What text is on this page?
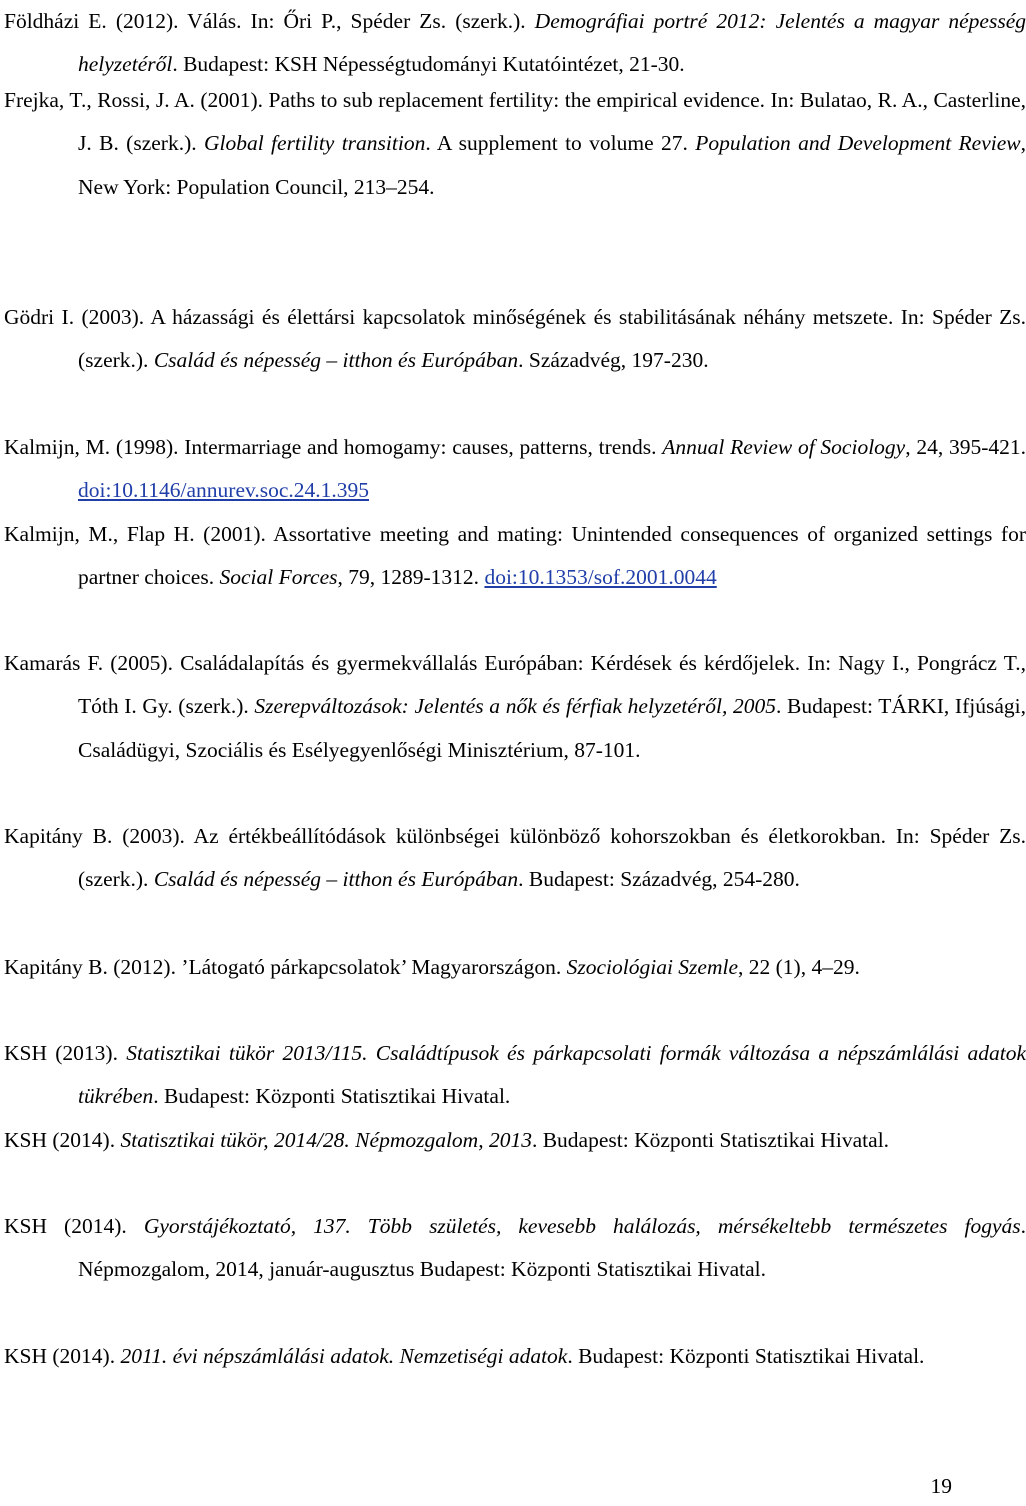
Földházi E. (2012). Válás. In: Őri P., Spéder Zs. (szerk.). Demográfiai portré 2012: Jelentés a magyar népesség helyzetéről. Budapest: KSH Népességtudományi Kutatóintézet, 21-30.
Frejka, T., Rossi, J. A. (2001). Paths to sub replacement fertility: the empirical evidence. In: Bulatao, R. A., Casterline, J. B. (szerk.). Global fertility transition. A supplement to volume 27. Population and Development Review, New York: Population Council, 213–254.
Gödri I. (2003). A házassági és élettársi kapcsolatok minőségének és stabilitásának néhány metszete. In: Spéder Zs. (szerk.). Család és népesség – itthon és Európában. Századvég, 197-230.
Kalmijn, M. (1998). Intermarriage and homogamy: causes, patterns, trends. Annual Review of Sociology, 24, 395-421. doi:10.1146/annurev.soc.24.1.395
Kalmijn, M., Flap H. (2001). Assortative meeting and mating: Unintended consequences of organized settings for partner choices. Social Forces, 79, 1289-1312. doi:10.1353/sof.2001.0044
Kamarás F. (2005). Családalapítás és gyermekvállalás Európában: Kérdések és kérdőjelek. In: Nagy I., Pongrácz T., Tóth I. Gy. (szerk.). Szerepváltozások: Jelentés a nők és férfiak helyzetéről, 2005. Budapest: TÁRKI, Ifjúsági, Családügyi, Szociális és Esélyegyenlőségi Minisztérium, 87-101.
Kapitány B. (2003). Az értékbeállítódások különbségei különböző kohorszokban és életkorokban. In: Spéder Zs. (szerk.). Család és népesség – itthon és Európában. Budapest: Századvég, 254-280.
Kapitány B. (2012). ’Látogató párkapcsolatok’ Magyarországon. Szociológiai Szemle, 22 (1), 4–29.
KSH (2013). Statisztikai tükör 2013/115. Családtípusok és párkapcsolati formák változása a népszámlálási adatok tükrében. Budapest: Központi Statisztikai Hivatal.
KSH (2014). Statisztikai tükör, 2014/28. Népmozgalom, 2013. Budapest: Központi Statisztikai Hivatal.
KSH (2014). Gyorstájékoztató, 137. Több születés, kevesebb halálozás, mérsékeltebb természetes fogyás. Népmozgalom, 2014, január-augusztus Budapest: Központi Statisztikai Hivatal.
KSH (2014). 2011. évi népszámlálási adatok. Nemzetiségi adatok. Budapest: Központi Statisztikai Hivatal.
19
